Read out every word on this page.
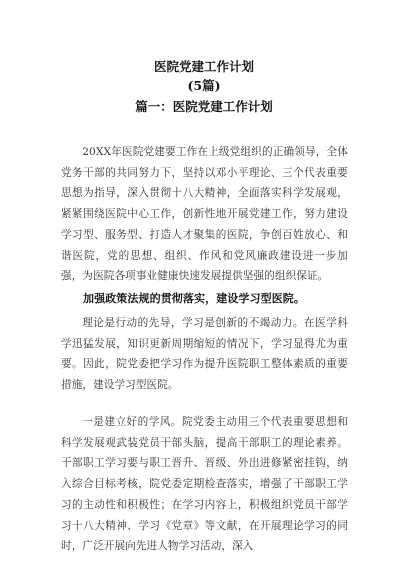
医院党建工作计划
(5篇)
篇一：医院党建工作计划
20XX年医院党建要工作在上级党组织的正确领导，全体党务干部的共同努力下，坚持以邓小平理论、三个代表重要思想为指导，深入贯彻十八大精神，全面落实科学发展观，紧紧围绕医院中心工作，创新性地开展党建工作，努力建设学习型、服务型、打造人才聚集的医院，争创百姓放心、和谐医院，党的思想、组织、作风和党风廉政建设进一步加强，为医院各项事业健康快速发展提供坚强的组织保证。
加强政策法规的贯彻落实，建设学习型医院。
理论是行动的先导，学习是创新的不竭动力。在医学科学迅猛发展，知识更新周期缩短的情况下，学习显得尤为重要。因此，院党委把学习作为提升医院职工整体素质的重要措施，建设学习型医院。
一是建立好的学风。院党委主动用三个代表重要思想和科学发展观武装党员干部头脑，提高干部职工的理论素养。干部职工学习要与职工晋升、晋级、外出进修紧密挂钩，纳入综合目标考核，院党委定期检查落实，增强了干部职工学习的主动性和积极性；在学习内容上，积极组织党员干部学习十八大精神、学习《党章》等文献，在开展理论学习的同时，广泛开展向先进人物学习活动，深入
